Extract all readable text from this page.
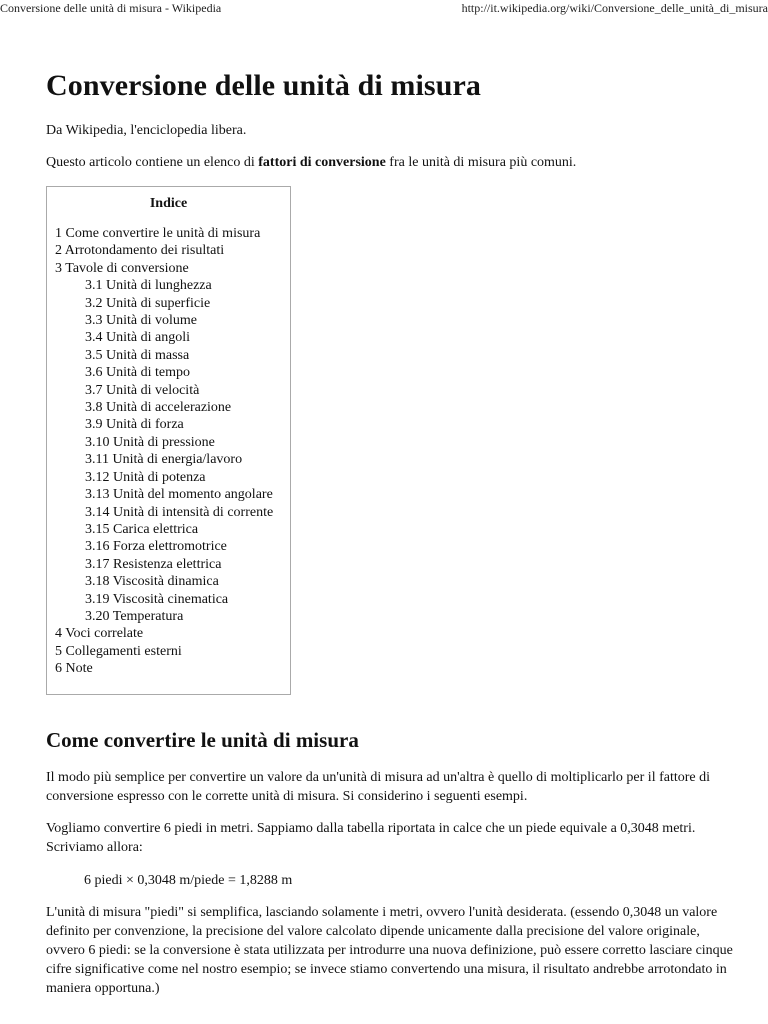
Conversione delle unità di misura - Wikipedia	http://it.wikipedia.org/wiki/Conversione_delle_unità_di_misura
Conversione delle unità di misura
Da Wikipedia, l'enciclopedia libera.
Questo articolo contiene un elenco di fattori di conversione fra le unità di misura più comuni.
Indice
1 Come convertire le unità di misura
2 Arrotondamento dei risultati
3 Tavole di conversione
3.1 Unità di lunghezza
3.2 Unità di superficie
3.3 Unità di volume
3.4 Unità di angoli
3.5 Unità di massa
3.6 Unità di tempo
3.7 Unità di velocità
3.8 Unità di accelerazione
3.9 Unità di forza
3.10 Unità di pressione
3.11 Unità di energia/lavoro
3.12 Unità di potenza
3.13 Unità del momento angolare
3.14 Unità di intensità di corrente
3.15 Carica elettrica
3.16 Forza elettromotrice
3.17 Resistenza elettrica
3.18 Viscosità dinamica
3.19 Viscosità cinematica
3.20 Temperatura
4 Voci correlate
5 Collegamenti esterni
6 Note
Come convertire le unità di misura

Il modo più semplice per convertire un valore da un'unità di misura ad un'altra è quello di moltiplicarlo per il fattore di conversione espresso con le corrette unità di misura. Si considerino i seguenti esempi.

Vogliamo convertire 6 piedi in metri. Sappiamo dalla tabella riportata in calce che un piede equivale a 0,3048 metri. Scriviamo allora:

6 piedi × 0,3048 m/piede = 1,8288 m

L'unità di misura "piedi" si semplifica, lasciando solamente i metri, ovvero l'unità desiderata. (essendo 0,3048 un valore definito per convenzione, la precisione del valore calcolato dipende unicamente dalla precisione del valore originale, ovvero 6 piedi: se la conversione è stata utilizzata per introdurre una nuova definizione, può essere corretto lasciare cinque cifre significative come nel nostro esempio; se invece stiamo convertendo una misura, il risultato andrebbe arrotondato in maniera opportuna.)
